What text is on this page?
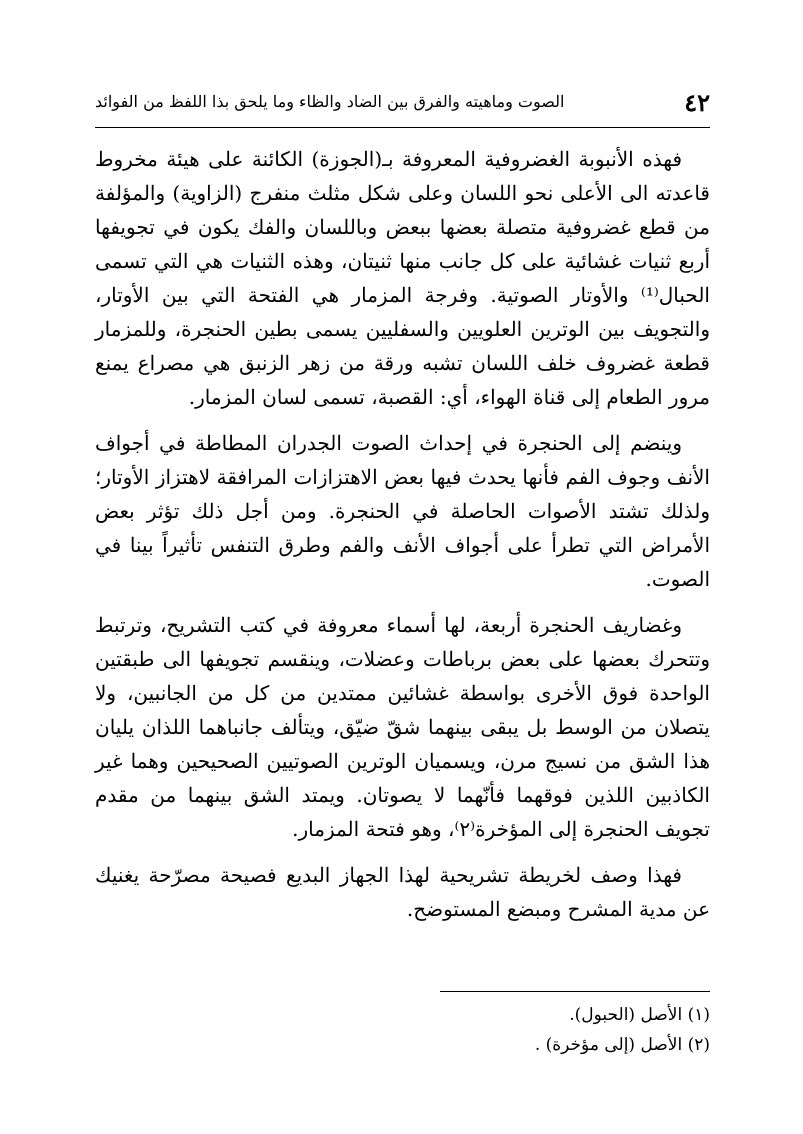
٤٢
الصوت وماهيته والفرق بين الضاد والظاء وما يلحق بذا اللفظ من الفوائد

فهذه الأنبوبة الغضروفية المعروفة بـ(الجوزة) الكائنة على هيئة مخروط قاعدته الى الأعلى نحو اللسان وعلى شكل مثلث منفرج (الزاوية) والمؤلفة من قطع غضروفية متصلة بعضها ببعض وباللسان والفك يكون في تجويفها أربع ثنيات غشائية على كل جانب منها ثنيتان، وهذه الثنيات هي التي تسمى الحبال⁽¹⁾ والأوتار الصوتية. وفرجة المزمار هي الفتحة التي بين الأوتار، والتجويف بين الوترين العلويين والسفليين يسمى بطين الحنجرة، وللمزمار قطعة غضروف خلف اللسان تشبه ورقة من زهر الزنبق هي مصراع يمنع مرور الطعام إلى قناة الهواء، أي: القصبة، تسمى لسان المزمار.

وينضم إلى الحنجرة في إحداث الصوت الجدران المطاطة في أجواف الأنف وجوف الفم فأنها يحدث فيها بعض الاهتزازات المرافقة لاهتزاز الأوتار؛ ولذلك تشتد الأصوات الحاصلة في الحنجرة. ومن أجل ذلك تؤثر بعض الأمراض التي تطرأ على أجواف الأنف والفم وطرق التنفس تأثيراً بينا في الصوت.

وغضاريف الحنجرة أربعة، لها أسماء معروفة في كتب التشريح، وترتبط وتتحرك بعضها على بعض برباطات وعضلات، وينقسم تجويفها الى طبقتين الواحدة فوق الأخرى بواسطة غشائين ممتدين من كل من الجانبين، ولا يتصلان من الوسط بل يبقى بينهما شقّ ضيّق، ويتألف جانباهما اللذان يليان هذا الشق من نسيج مرن، ويسميان الوترين الصوتيين الصحيحين وهما غير الكاذبين اللذين فوقهما فأنّهما لا يصوتان. ويمتد الشق بينهما من مقدم تجويف الحنجرة إلى المؤخرة⁽٢⁾، وهو فتحة المزمار.

فهذا وصف لخريطة تشريحية لهذا الجهاز البديع فصيحة مصرّحة يغنيك عن مدية المشرح ومبضع المستوضح.

(١) الأصل (الحبول).

(٢) الأصل (إلى مؤخرة) .
